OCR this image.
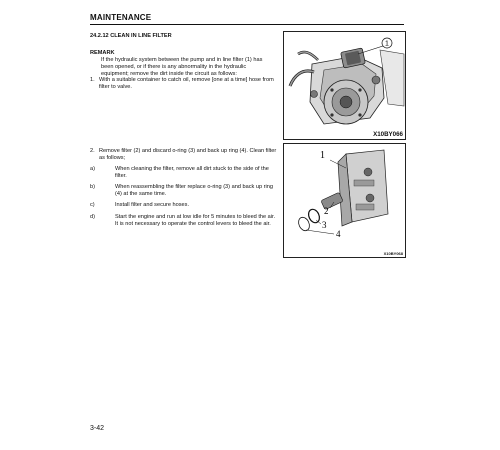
MAINTENANCE
24.2.12 CLEAN IN LINE FILTER
REMARK
If the hydraulic system between the pump and in line filter (1) has been opened, or if there is any abnormality in the hydraulic equipment; remove the dirt inside the circuit as follows:
1. With a suitable container to catch oil, remove [one at a time] hose from filter to valve.
2. Remove filter (2) and discard o-ring (3) and back up ring (4). Clean filter as follows;
a)	When cleaning the filter, remove all dirt stuck to the side of the filter.
b)	When reassembling the filter replace o-ring (3) and back up ring (4) at the same time.
c)	Install filter and secure hoses.
d)	Start the engine and run at low idle for 5 minutes to bleed the air. It is not necessary to operate the control levers to bleed the air.
1
X10BY066
1
2
3
4
X10BY068
3-42
